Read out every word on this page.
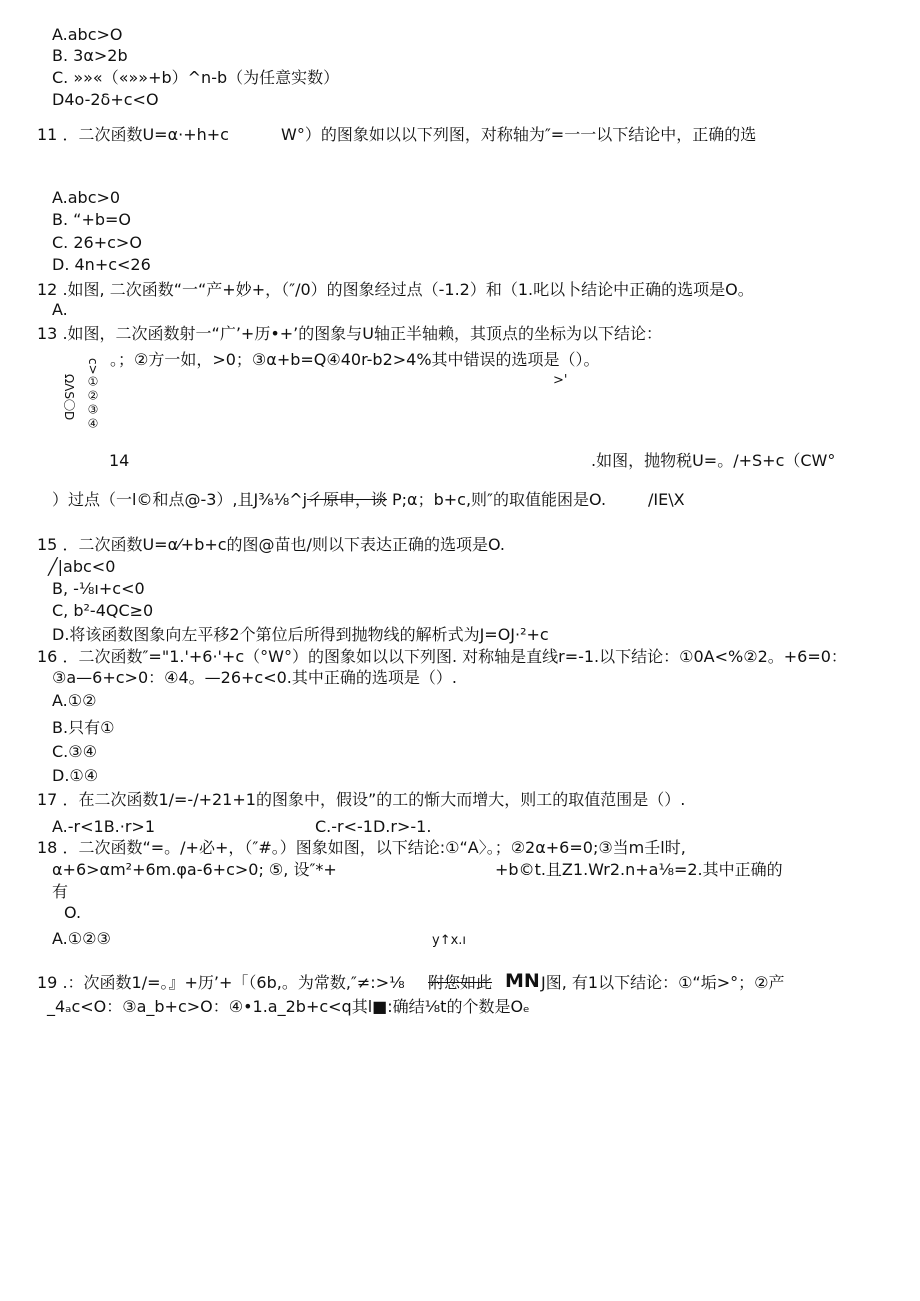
A.abc>O
B. 3α>2b
C. »»«（«»»+b）^n-b（为任意实数）
D4o-2δ+c<O
11 ．二次函数U=α·+h+c	W°）的图象如以以下列图，对称轴为″=一一以下结论中，正确的选
A.abc>0
B. “+b=O
C. 26+c>O
D. 4n+c<26
12 .如图, 二次函数“一“产+妙+，（″/0）的图象经过点（-1.2）和（1.叱以卜结论中正确的选项是O。
A.
13 .如图，二次函数射一“广’+历•+’的图象与U轴正半轴赖，其顶点的坐标为以下结论：
。；②方一如，>0；③α+b=Q④40r-b2>4%其中错误的选项是（）。
c>①②③④
ΩΛS〇D	>'
14	.如图，抛物税U=。/+S+c（CW°
）过点（一l©和点@-3）,且J³⁄₈⅛^j 彳原申，谈 P;α；b+c,则″的取值能困是O.	/IE\X
15 ．二次函数U=α⁄+b+c的图@苗也/则以下表达正确的选项是O.
╱|abc<0
B, -⅛ı+c<0
C, b²-4QC≥0
D.将该函数图象向左平移2个第位后所得到抛物线的解析式为J=OJ·²+c
16 ．二次函数″="1.'+6·'+c（°W°）的图象如以以下列图. 对称轴是直线r=-1.以下结论：①0A<%②2。+6=0：
③a—6+c>0：④4。—26+c<0.其中正确的选项是（）.
A.①②
B.只有①
C.③④
D.①④
17 ．在二次函数1/=-/+21+1的图象中，假设”的工的惭大而增大，则工的取值范围是（）.
A.-r<1B.·r>1	C.-r<-1D.r>-1.
18 ．二次函数“=。/+必+，（″#。）图象如图，以下结论:①“A〉。；②2α+6=0;③当m壬l时,
α+6>αm²+6m.φa-6+c>0; ⑤, 设″*+	+b©t.且Z1.Wr2.n+a⅛=2.其中正确的
有
O.
A.①②③	y↑x.ı
19 .：次函数1/=。』+历’+「（6b,。为常数,″≠:>⅛ 附您如此 MN J图, 有1以下结论：①“垢>°；②产
_4ₐc<O：③a_b+c>O：④•1.a_2b+c<q其l■:确结⅛t的个数是Oₑ
